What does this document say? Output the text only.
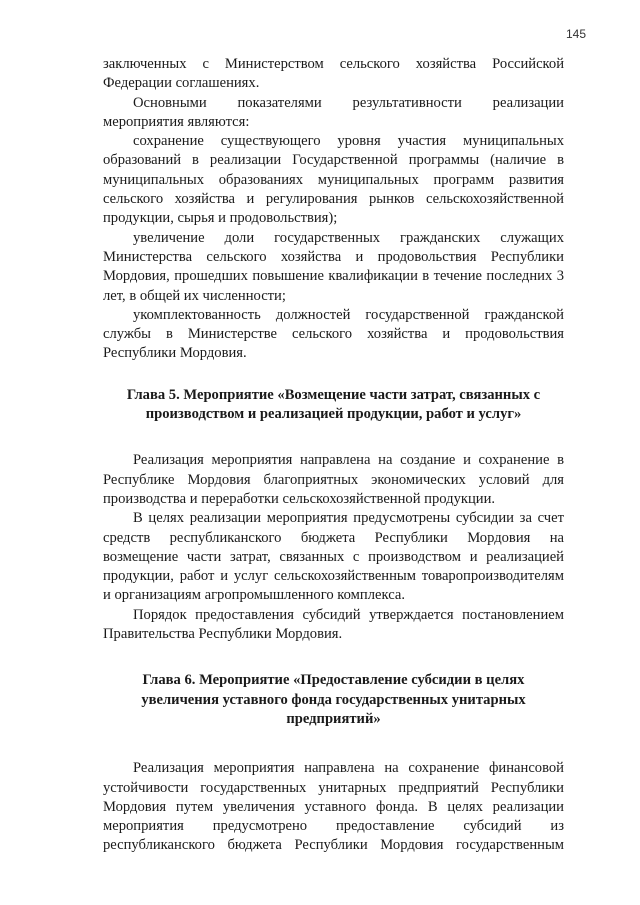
145

заключенных с Министерством сельского хозяйства Российской

Федерации соглашениях.

Основными показателями результативности реализации

мероприятия являются:

сохранение существующего уровня участия муниципальных образований в реализации Государственной программы (наличие в муниципальных образованиях муниципальных программ развития сельского хозяйства и регулирования рынков сельскохозяйственной продукции, сырья и продовольствия);

увеличение доли государственных гражданских служащих Министерства сельского хозяйства и продовольствия Республики Мордовия, прошедших повышение квалификации в течение последних 3 лет, в общей их численности;

укомплектованность должностей государственной гражданской службы в Министерстве сельского хозяйства и продовольствия Республики Мордовия.

Глава 5. Мероприятие «Возмещение части затрат, связанных с
производством и реализацией продукции, работ и услуг»

Реализация мероприятия направлена на создание и сохранение в Республике Мордовия благоприятных экономических условий для производства и переработки сельскохозяйственной продукции.

В целях реализации мероприятия предусмотрены субсидии за счет средств республиканского бюджета Республики Мордовия на возмещение части затрат, связанных с производством и реализацией продукции, работ и услуг сельскохозяйственным товаропроизводителям и организациям агропромышленного комплекса.

Порядок предоставления субсидий утверждается постановлением Правительства Республики Мордовия.

Глава 6. Мероприятие «Предоставление субсидии в целях
увеличения уставного фонда государственных унитарных
предприятий»

Реализация мероприятия направлена на сохранение финансовой устойчивости государственных унитарных предприятий Республики Мордовия путем увеличения уставного фонда. В целях реализации мероприятия предусмотрено предоставление субсидий из республиканского бюджета Республики Мордовия государственным
